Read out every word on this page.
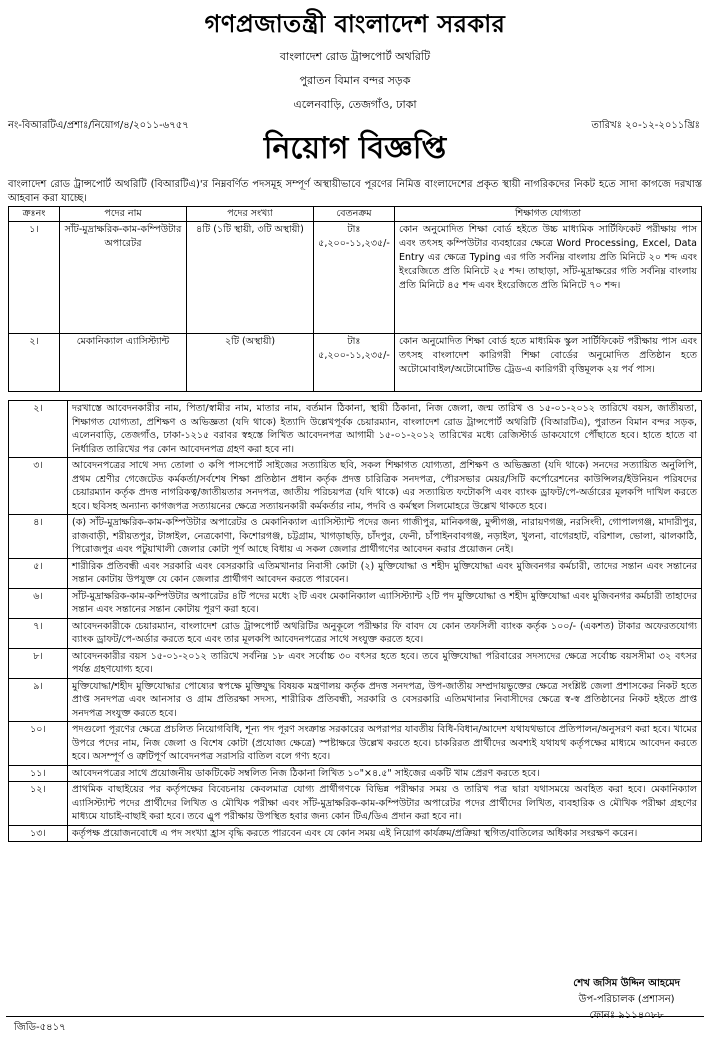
গণপ্রজাতন্ত্রী বাংলাদেশ সরকার
বাংলাদেশ রোড ট্রান্সপোর্ট অথরিটি
পুরাতন বিমান বন্দর সড়ক
এলেনবাড়ি, তেজগাঁও, ঢাকা
নং-বিআরটিএ/প্রশাঃ/নিয়োগ/৪/২০১১-৬৭৫৭	তারিখঃ ২০-১২-২০১১খ্রিঃ
নিয়োগ বিজ্ঞপ্তি
বাংলাদেশ রোড ট্রান্সপোর্ট অথরিটি (বিআরটিএ)'র নিম্নবর্ণিত পদসমূহ সম্পূর্ণ অস্থায়ীভাবে পূরণের নিমিত্ত বাংলাদেশের প্রকৃত স্থায়ী নাগরিকদের নিকট হতে সাদা কাগজে দরখাস্ত আহবান করা যাচ্ছে।
ক্রঃনং	পদের নাম	পদের সংখ্যা	বেতনক্রম	শিক্ষাগত যোগ্যতা
১।	সাঁট-মুদ্রাক্ষরিক-কাম-কম্পিউটার অপারেটর	৪টি (১টি স্থায়ী, ৩টি অস্থায়ী)	টাঃ ৫,২০০-১১,২৩৫/-	কোন অনুমোদিত শিক্ষা বোর্ড হইতে উচ্চ মাধ্যমিক সার্টিফিকেট পরীক্ষায় পাস এবং তৎসহ কম্পিউটার ব্যবহারের ক্ষেত্রে Word Processing, Excel, Data Entry এর ক্ষেত্রে Typing এর গতি সর্বনিম্ন বাংলায় প্রতি মিনিটে ২০ শব্দ এবং ইংরেজিতে প্রতি মিনিটে ২৫ শব্দ। তাছাড়া, সাঁট-মুদ্রাক্ষরের গতি সর্বনিম্ন বাংলায় প্রতি মিনিটে ৪৫ শব্দ এবং ইংরেজিতে প্রতি মিনিটে ৭০ শব্দ।
২।	মেকানিক্যাল এ্যাসিস্ট্যান্ট	২টি (অস্থায়ী)	টাঃ ৫,২০০-১১,২৩৫/-	কোন অনুমোদিত শিক্ষা বোর্ড হতে মাধ্যমিক স্কুল সার্টিফিকেট পরীক্ষায় পাস এবং তৎসহ বাংলাদেশ কারিগরী শিক্ষা বোর্ডের অনুমোদিত প্রতিষ্ঠান হতে অটোমোবাইল/অটোমোটিভ ট্রেড-এ কারিগরী বৃত্তিমূলক ২য় পর্ব পাস।
২।	দরখাস্তে আবেদনকারীর নাম, পিতা/স্বামীর নাম, মাতার নাম, বর্তমান ঠিকানা, স্থায়ী ঠিকানা, নিজ জেলা, জন্ম তারিখ ও ১৫-০১-২০১২ তারিখে বয়স, জাতীয়তা, শিক্ষাগত যোগ্যতা, প্রশিক্ষণ ও অভিজ্ঞতা (যদি থাকে) ইত্যাদি উল্লেখপূর্বক চেয়ারম্যান, বাংলাদেশ রোড ট্রান্সপোর্ট অথরিটি (বিআরটিএ), পুরাতন বিমান বন্দর সড়ক, এলেনবাড়ি, তেজগাঁও, ঢাকা-১২১৫ বরাবর স্বহস্তে লিখিত আবেদনপত্র আগামী ১৫-০১-২০১২ তারিখের মধ্যে রেজিস্টার্ড ডাকযোগে পৌঁছাতে হবে। হাতে হাতে বা নির্ধারিত তারিখের পর কোন আবেদনপত্র গ্রহণ করা হবে না।
৩।	আবেদনপত্রের সাথে সদ্য তোলা ৩ কপি পাসপোর্ট সাইজের সত্যায়িত ছবি, সকল শিক্ষাগত যোগ্যতা, প্রশিক্ষণ ও অভিজ্ঞতা (যদি থাকে) সনদের সত্যায়িত অনুলিপি, প্রথম শ্রেণীর গেজেটেড কর্মকর্তা/সর্বশেষ শিক্ষা প্রতিষ্ঠান প্রধান কর্তৃক প্রদত্ত চারিত্রিক সনদপত্র, পৌরসভার মেয়র/সিটি কর্পোরেশনের কাউন্সিলর/ইউনিয়ন পরিষদের চেয়ারম্যান কর্তৃক প্রদত্ত নাগরিকত্ব/জাতীয়তার সনদপত্র, জাতীয় পরিচয়পত্র (যদি থাকে) এর সত্যায়িত ফটোকপি এবং ব্যাংক ড্রাফট/পে-অর্ডারের মূলকপি দাখিল করতে হবে। ছবিসহ অন্যান্য কাগজপত্র সত্যায়নের ক্ষেত্রে সত্যায়নকারী কর্মকর্তার নাম, পদবি ও কর্মস্থল সিলমোহরে উল্লেখ থাকতে হবে।
৪।	(ক) সাঁট-মুদ্রাক্ষরিক-কাম-কম্পিউটার অপারেটর ও মেকানিক্যাল এ্যাসিস্ট্যান্ট পদের জন্য গাজীপুর, মানিকগঞ্জ, মুন্সীগঞ্জ, নারায়ণগঞ্জ, নরসিংদী, গোপালগঞ্জ, মাদারীপুর, রাজবাড়ী, শরীয়তপুর, টাঙ্গাইল, নেত্রকোণা, কিশোরগঞ্জ, চট্টগ্রাম, খাগড়াছড়ি, চাঁদপুর, ফেনী, চাঁপাইনবাবগঞ্জ, নড়াইল, খুলনা, বাগেরহাট, বরিশাল, ভোলা, ঝালকাঠি, পিরোজপুর এবং পটুয়াখালী জেলার কোটা পূর্ণ আছে বিধায় এ সকল জেলার প্রার্থীগণের আবেদন করার প্রয়োজন নেই।
৫।	শারীরিক প্রতিবন্ধী এবং সরকারি এবং বেসরকারি এতিমখানার নিবাসী কোটা (২) মুক্তিযোদ্ধা ও শহীদ মুক্তিযোদ্ধা এবং মুজিবনগর কর্মচারী, তাদের সন্তান এবং সন্তানের সন্তান কোটায় উপযুক্ত যে কোন জেলার প্রার্থীগণ আবেদন করতে পারবেন।
৬।	সাঁট-মুদ্রাক্ষরিক-কাম-কম্পিউটার অপারেটর ৪টি পদের মধ্যে ২টি এবং মেকানিক্যাল এ্যাসিস্ট্যান্ট ২টি পদ মুক্তিযোদ্ধা ও শহীদ মুক্তিযোদ্ধা এবং মুজিবনগর কর্মচারী তাহাদের সন্তান এবং সন্তানের সন্তান কোটায় পূরণ করা হবে।
৭।	আবেদনকারীকে চেয়ারম্যান, বাংলাদেশ রোড ট্রান্সপোর্ট অথরিটির অনুকূলে পরীক্ষার ফি বাবদ যে কোন তফসিলী ব্যাংক কর্তৃক ১০০/- (একশত) টাকার অফেরতযোগ্য ব্যাংক ড্রাফট/পে-অর্ডার করতে হবে এবং তার মূলকপি আবেদনপত্রের সাথে সংযুক্ত করতে হবে।
৮।	আবেদনকারীর বয়স ১৫-০১-২০১২ তারিখে সর্বনিম্ন ১৮ এবং সর্বোচ্চ ৩০ বৎসর হতে হবে। তবে মুক্তিযোদ্ধা পরিবারের সদস্যদের ক্ষেত্রে সর্বোচ্চ বয়সসীমা ৩২ বৎসর পর্যন্ত গ্রহণযোগ্য হবে।
৯।	মুক্তিযোদ্ধা/শহীদ মুক্তিযোদ্ধার পোষ্যের স্বপক্ষে মুক্তিযুদ্ধ বিষয়ক মন্ত্রণালয় কর্তৃক প্রদত্ত সনদপত্র, উপ-জাতীয় সম্প্রদায়ভুক্তের ক্ষেত্রে সংশ্লিষ্ট জেলা প্রশাসকের নিকট হতে প্রাপ্ত সনদপত্র এবং আনসার ও গ্রাম প্রতিরক্ষা সদস্য, শারীরিক প্রতিবন্ধী, সরকারি ও বেসরকারি এতিমখানার নিবাসীদের ক্ষেত্রে স্ব-স্ব প্রতিষ্ঠানের নিকট হইতে প্রাপ্ত সনদপত্র সংযুক্ত করতে হবে।
১০।	পদগুলো পূরণের ক্ষেত্রে প্রচলিত নিয়োগবিধি, শূন্য পদ পূরণ সংক্রান্ত সরকারের অপরাপর যাবতীয় বিধি-বিধান/আদেশ যথাযথভাবে প্রতিপালন/অনুসরণ করা হবে। খামের উপরে পদের নাম, নিজ জেলা ও বিশেষ কোটা (প্রযোজ্য ক্ষেত্রে) স্পষ্টাক্ষরে উল্লেখ করতে হবে। চাকরিরত প্রার্থীদের অবশ্যই যথাযথ কর্তৃপক্ষের মাধ্যমে আবেদন করতে হবে। অসম্পূর্ণ ও ত্রুটিপূর্ণ আবেদনপত্র সরাসরি বাতিল বলে গণ্য হবে।
১১।	আবেদনপত্রের সাথে প্রয়োজনীয় ডাকটিকেট সম্বলিত নিজ ঠিকানা লিখিত ১০"×৪.৫" সাইজের একটি খাম প্রেরণ করতে হবে।
১২।	প্রাথমিক বাছাইয়ের পর কর্তৃপক্ষের বিবেচনায় কেবলমাত্র যোগ্য প্রার্থীগণকে বিভিন্ন পরীক্ষার সময় ও তারিখ পত্র দ্বারা যথাসময়ে অবহিত করা হবে। মেকানিক্যাল এ্যাসিস্ট্যান্ট পদের প্রার্থীদের লিখিত ও মৌখিক পরীক্ষা এবং সাঁট-মুদ্রাক্ষরিক-কাম-কম্পিউটার অপারেটর পদের প্রার্থীদের লিখিত, ব্যবহারিক ও মৌখিক পরীক্ষা গ্রহণের মাধ্যমে যাচাই-বাছাই করা হবে। তবে এ্রুপ পরীক্ষায় উপস্থিত হবার জন্য কোন টিএ/ডিএ প্রদান করা হবে না।
১৩।	কর্তৃপক্ষ প্রয়োজনবোধে এ পদ সংখ্যা হ্রাস বৃদ্ধি করতে পারবেন এবং যে কোন সময় এই নিয়োগ কার্যক্রম/প্রক্রিয়া স্থগিত/বাতিলের অধিকার সংরক্ষণ করেন।
শেখ জসিম উদ্দিন আহমেদ
উপ-পরিচালক (প্রশাসন)
ফোনঃ ৯১১৪০৮৮
জিডি-৫৪১৭
